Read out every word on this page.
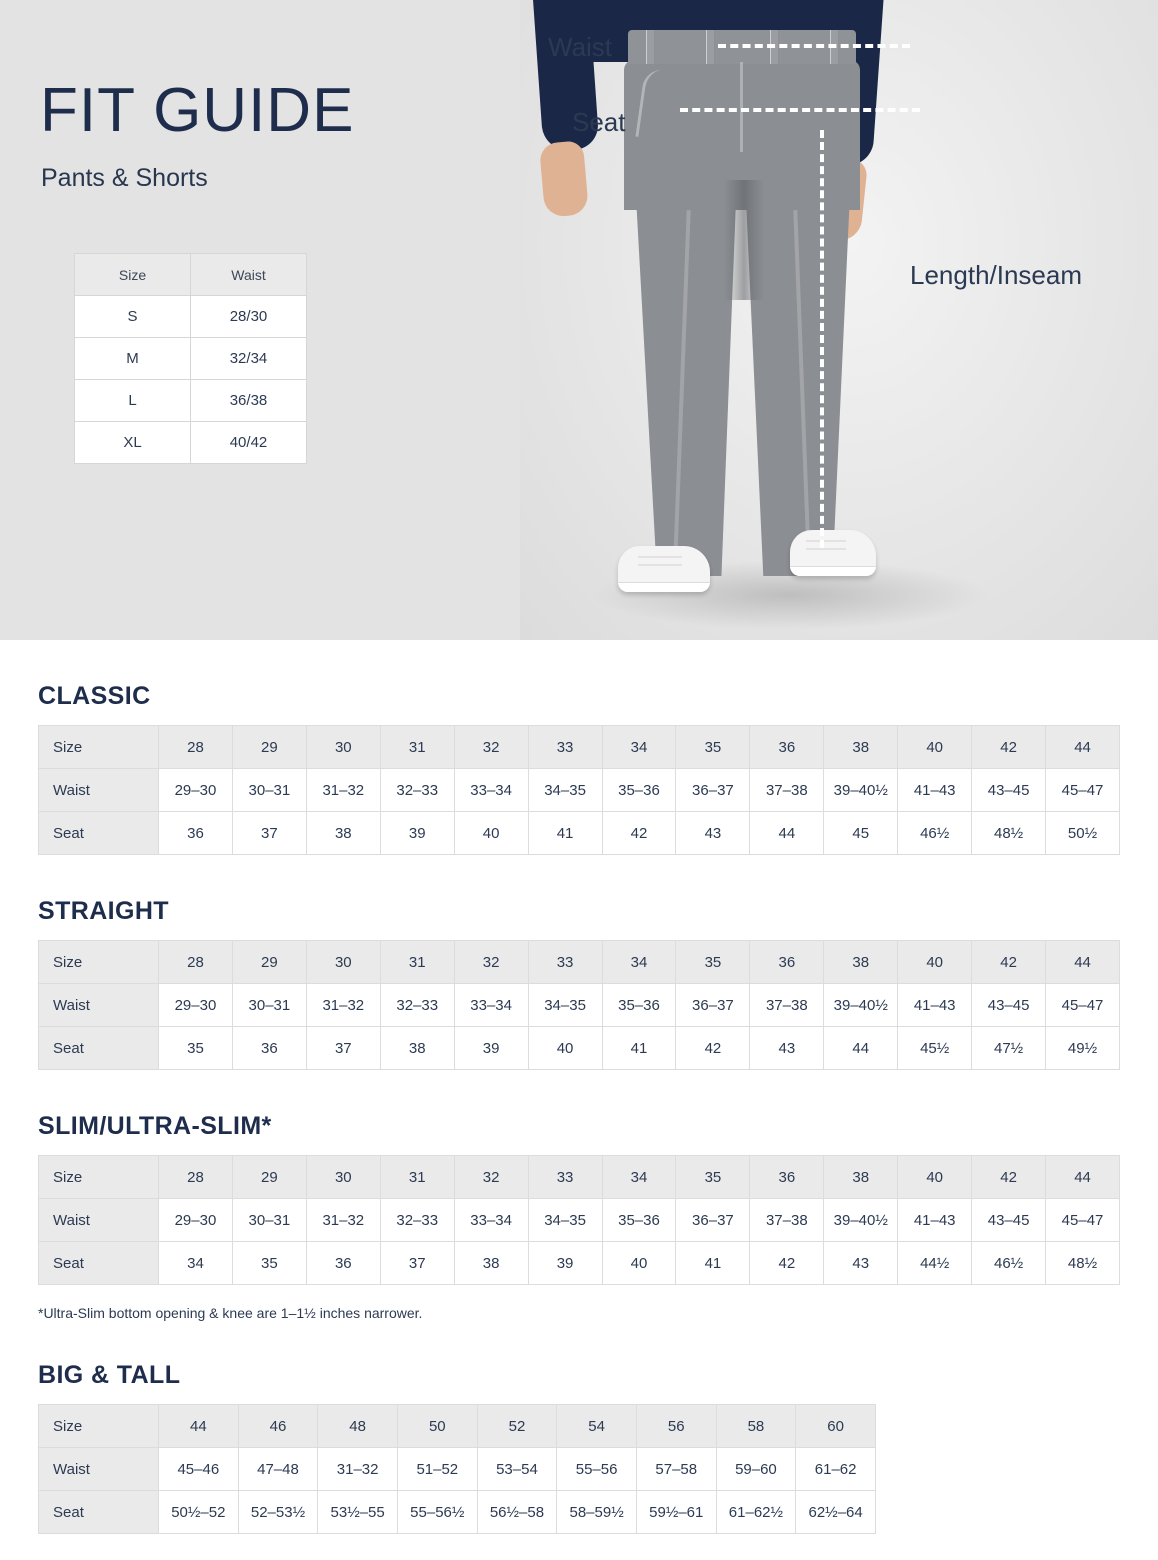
FIT GUIDE
Pants & Shorts
Size	Waist
S	28/30
M	32/34
L	36/38
XL	40/42
Waist
Seat
Length/Inseam
CLASSIC
Size	28	29	30	31	32	33	34	35	36	38	40	42	44
Waist	29–30	30–31	31–32	32–33	33–34	34–35	35–36	36–37	37–38	39–40½	41–43	43–45	45–47
Seat	36	37	38	39	40	41	42	43	44	45	46½	48½	50½
STRAIGHT
Size	28	29	30	31	32	33	34	35	36	38	40	42	44
Waist	29–30	30–31	31–32	32–33	33–34	34–35	35–36	36–37	37–38	39–40½	41–43	43–45	45–47
Seat	35	36	37	38	39	40	41	42	43	44	45½	47½	49½
SLIM/ULTRA-SLIM*
Size	28	29	30	31	32	33	34	35	36	38	40	42	44
Waist	29–30	30–31	31–32	32–33	33–34	34–35	35–36	36–37	37–38	39–40½	41–43	43–45	45–47
Seat	34	35	36	37	38	39	40	41	42	43	44½	46½	48½

*Ultra-Slim bottom opening & knee are 1–1½ inches narrower.

BIG & TALL
Size	44	46	48	50	52	54	56	58	60
Waist	45–46	47–48	31–32	51–52	53–54	55–56	57–58	59–60	61–62
Seat	50½–52	52–53½	53½–55	55–56½	56½–58	58–59½	59½–61	61–62½	62½–64
